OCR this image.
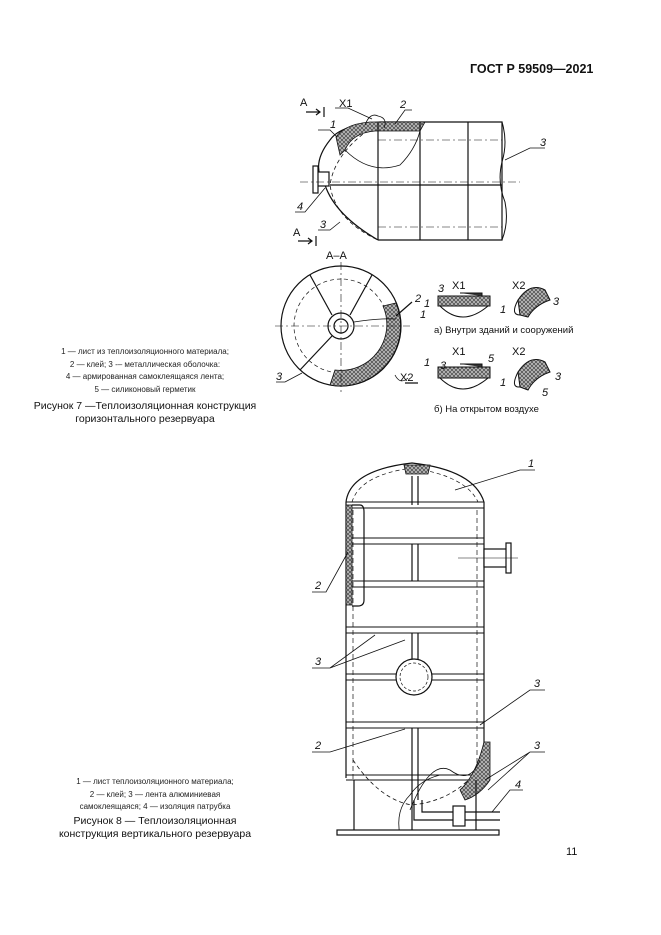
ГОСТ Р 59509—2021
А
А
Х1	2
1
3
4
3
А–А
2
1
3	Х2
Х1	Х2
3
1	3
1
а) Внутри зданий и сооружений
Х1	Х2
1 3
5
3
5
1
б) На открытом воздухе
1
2
3
3
2	3
4
1 — лист из теплоизоляционного материала;
2 — клей; 3 -– металлическая оболочка:
4 — армированная самоклеящаяся лента;
5 — силиконовый герметик
Рисунок 7 —Теплоизоляционная конструкция
горизонтального резервуара
1 — лист теплоизоляционного материала;
2 — клей; 3 — лента алюминиевая
самоклеящаяся; 4 — изоляция патрубка
Рисунок 8 — Теплоизоляционная
конструкция вертикального резервуара
11
